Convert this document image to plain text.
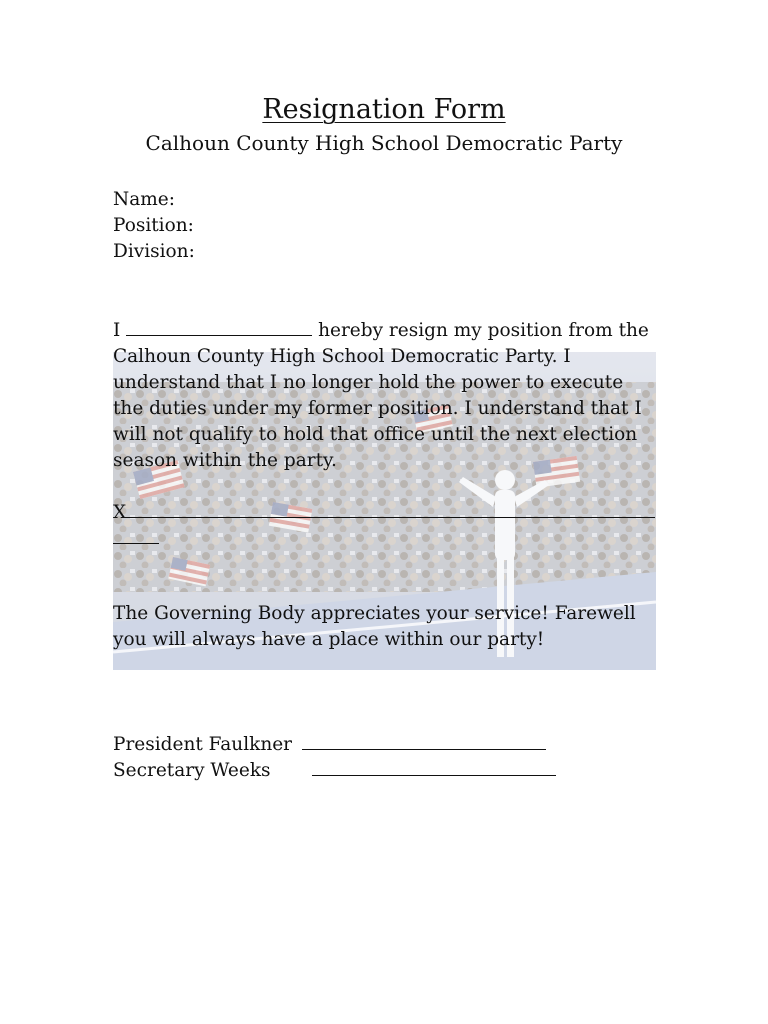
Resignation Form
Calhoun County High School Democratic Party
Name:
Position:
Division:
I	hereby resign my position from the Calhoun County High School Democratic Party. I understand that I no longer hold the power to execute the duties under my former position. I understand that I will not qualify to hold that office until the next election season within the party.
X
The Governing Body appreciates your service! Farewell you will always have a place within our party!
President Faulkner
Secretary Weeks
